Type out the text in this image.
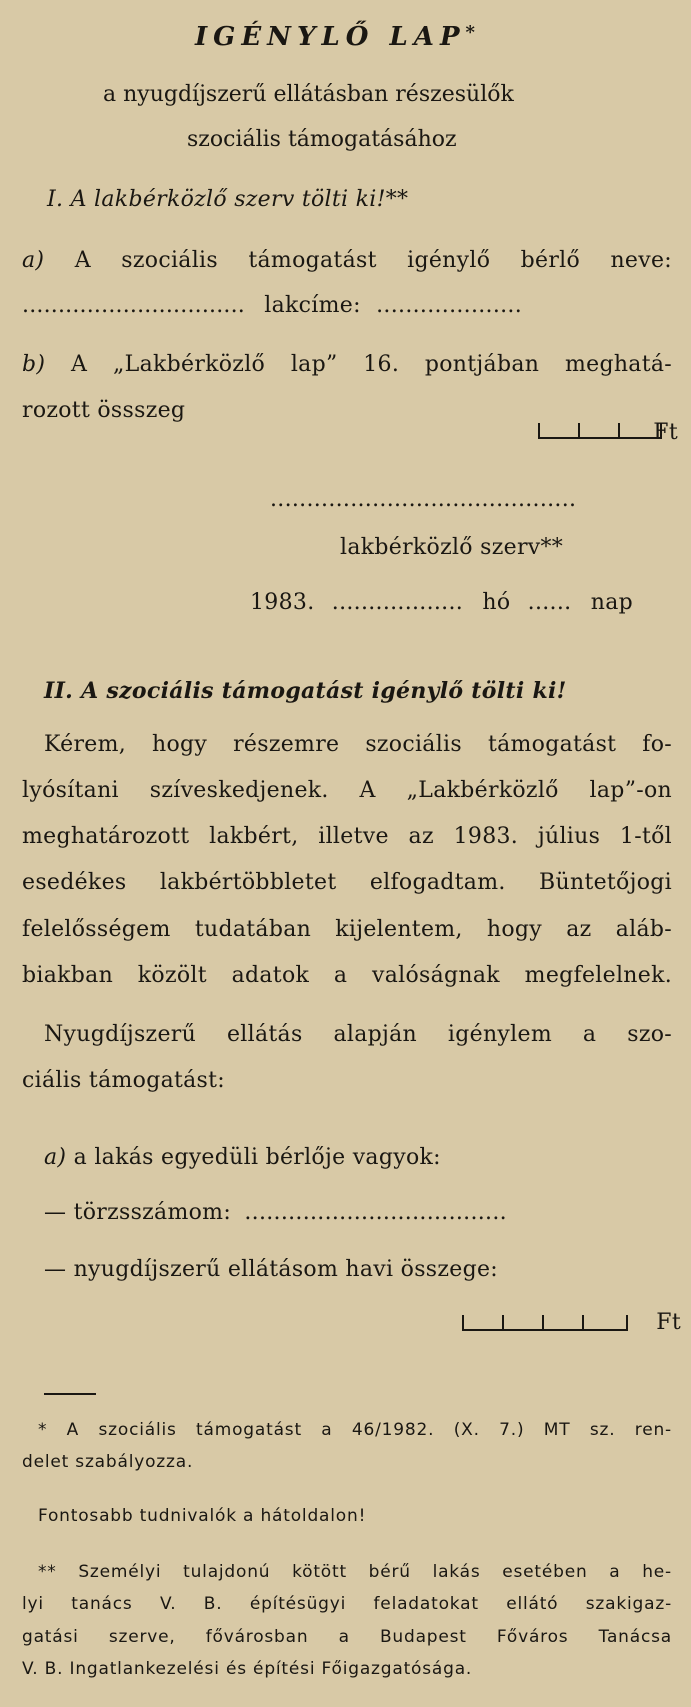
IGÉNYLŐ LAP*
a nyugdíjszerű ellátásban részesülők
szociális támogatásához
I. A lakbérközlő szerv tölti ki!**
a) A szociális támogatást igénylő bérlő neve:
............................... lakcíme: ....................
b) A „Lakbérközlő lap” 16. pontjában meghatá-
rozott össszeg
Ft
..........................................
lakbérközlő szerv**
1983. .................. hó ...... nap
II. A szociális támogatást igénylő tölti ki!
Kérem, hogy részemre szociális támogatást fo-
lyósítani szíveskedjenek. A „Lakbérközlő lap”-on
meghatározott lakbért, illetve az 1983. július 1-től
esedékes lakbértöbbletet elfogadtam. Büntetőjogi
felelősségem tudatában kijelentem, hogy az aláb-
biakban közölt adatok a valóságnak megfelelnek.
Nyugdíjszerű ellátás alapján igénylem a szo-
ciális támogatást:
a) a lakás egyedüli bérlője vagyok:
— törzsszámom: ....................................
— nyugdíjszerű ellátásom havi összege:
Ft
* A szociális támogatást a 46/1982. (X. 7.) MT sz. ren-
delet szabályozza.
Fontosabb tudnivalók a hátoldalon!
** Személyi tulajdonú kötött bérű lakás esetében a he-
lyi tanács V. B. építésügyi feladatokat ellátó szakigaz-
gatási szerve, fővárosban a Budapest Főváros Tanácsa
V. B. Ingatlankezelési és építési Főigazgatósága.
